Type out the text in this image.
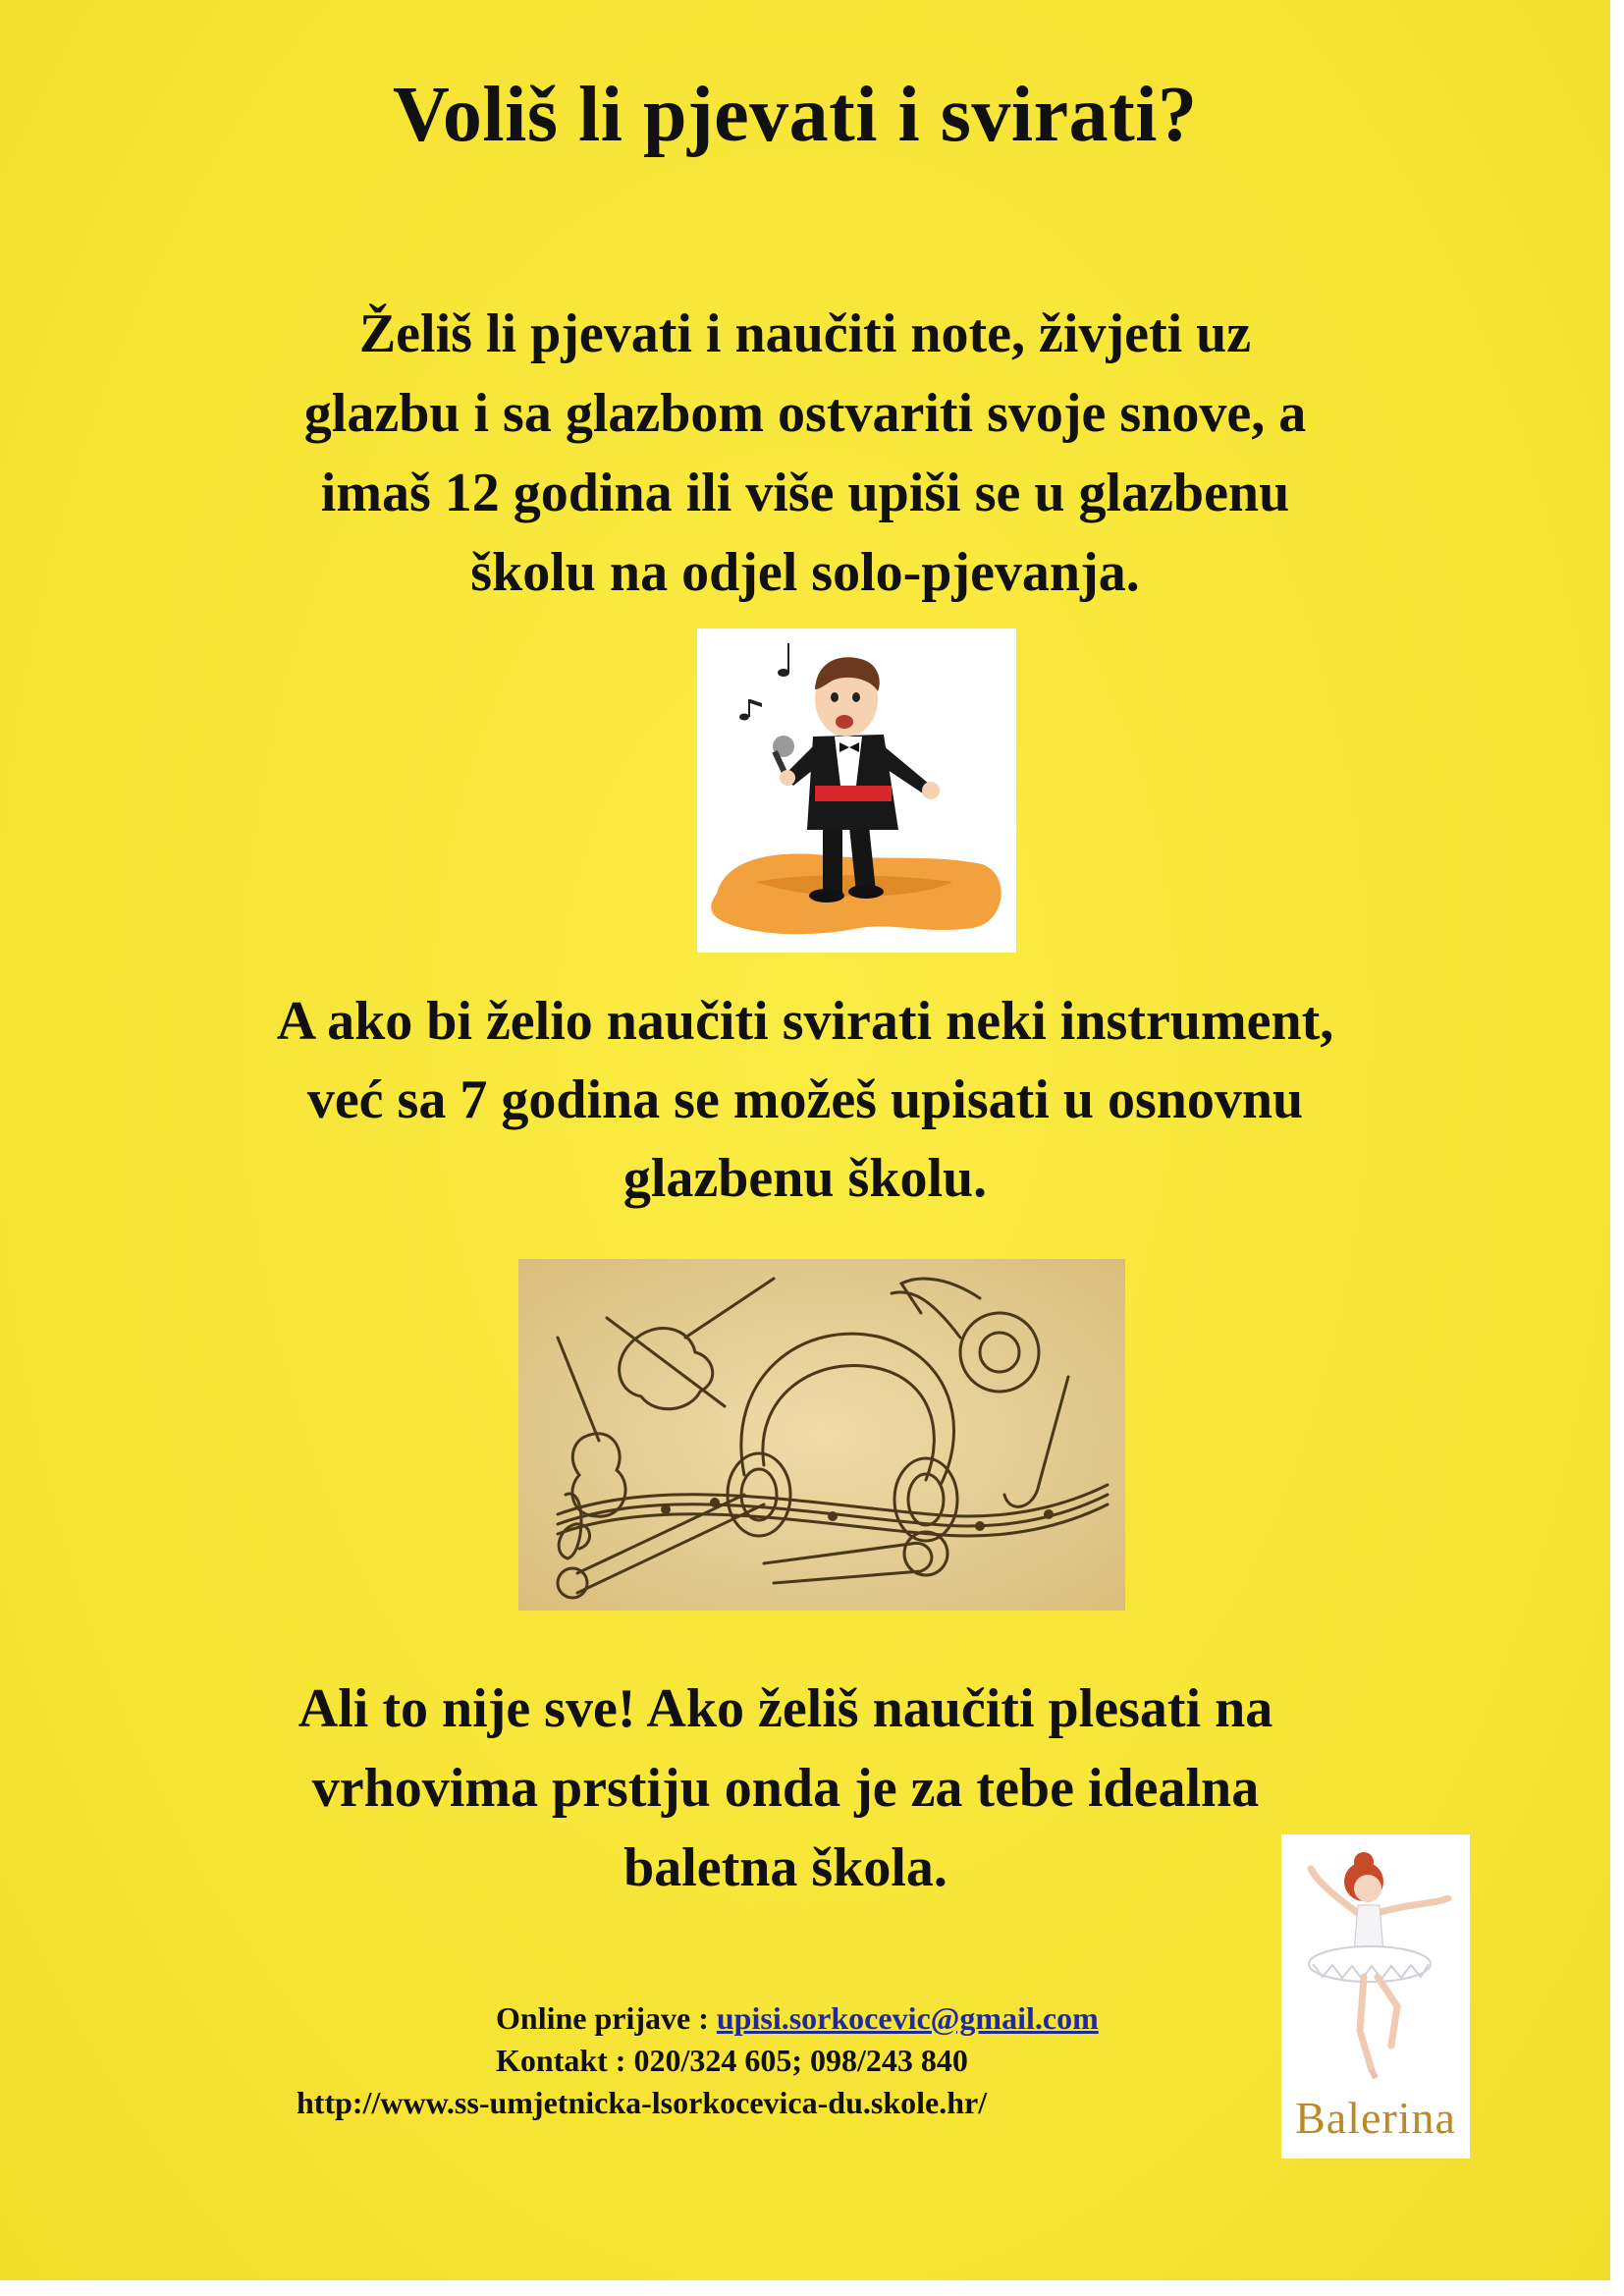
Voliš li pjevati i svirati?

Želiš li pjevati i naučiti note, živjeti uz
glazbu i sa glazbom ostvariti svoje snove, a
imaš 12 godina ili više upiši se u glazbenu
školu na odjel solo-pjevanja.

A ako bi želio naučiti svirati neki instrument,
već sa 7 godina se možeš upisati u osnovnu
glazbenu školu.

Ali to nije sve! Ako želiš naučiti plesati na
vrhovima prstiju onda je za tebe idealna
baletna škola.

Balerina

Online prijave : upisi.sorkocevic@gmail.com

Kontakt : 020/324 605; 098/243 840

http://www.ss-umjetnicka-lsorkocevica-du.skole.hr/
